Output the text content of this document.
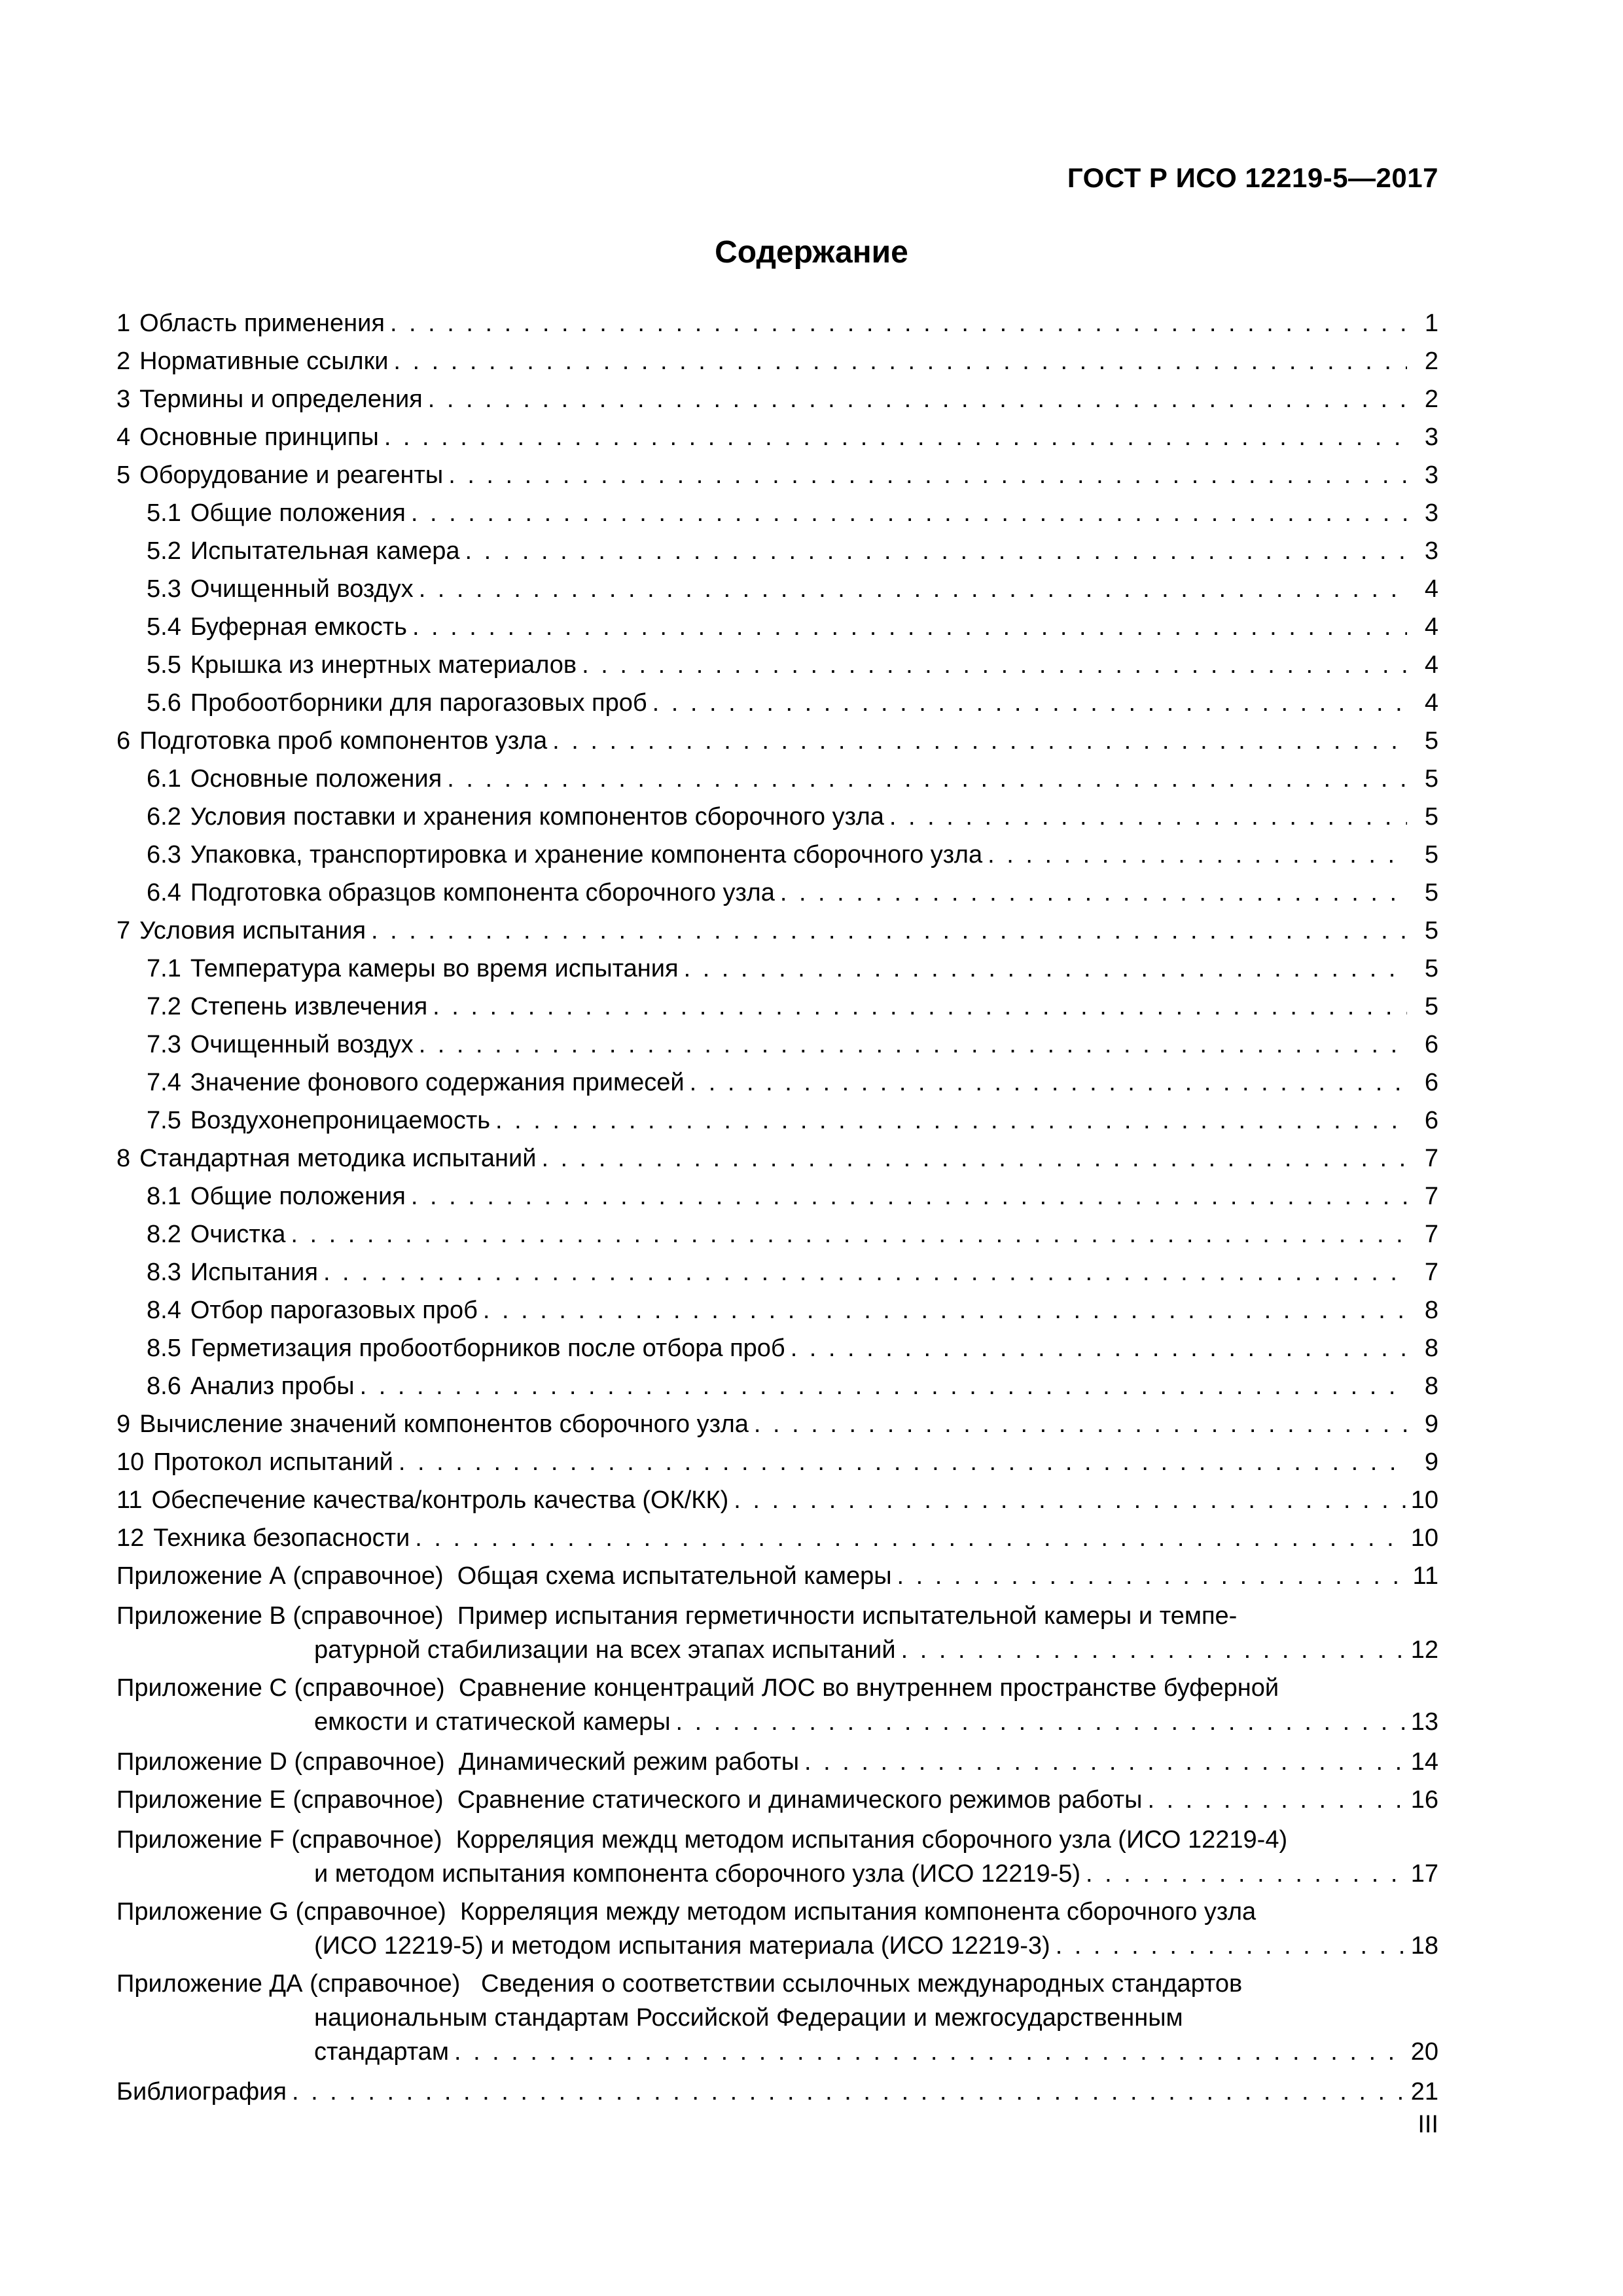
ГОСТ Р ИСО 12219-5—2017
Содержание
1 Область применения . . .	1
2 Нормативные ссылки . . .	2
3 Термины и определения . . .	2
4 Основные принципы . . .	3
5 Оборудование и реагенты . . .	3
5.1 Общие положения . . .	3
5.2 Испытательная камера . . .	3
5.3 Очищенный воздух . . .	4
5.4 Буферная емкость . . .	4
5.5 Крышка из инертных материалов . . .	4
5.6 Пробоотборники для парогазовых проб . . .	4
6 Подготовка проб компонентов узла . . .	5
6.1 Основные положения . . .	5
6.2 Условия поставки и хранения компонентов сборочного узла . . .	5
6.3 Упаковка, транспортировка и хранение компонента сборочного узла . . .	5
6.4 Подготовка образцов компонента сборочного узла . . .	5
7 Условия испытания . . .	5
7.1 Температура камеры во время испытания . . .	5
7.2 Степень извлечения . . .	5
7.3 Очищенный воздух . . .	6
7.4 Значение фонового содержания примесей . . .	6
7.5 Воздухонепроницаемость . . .	6
8 Стандартная методика испытаний . . .	7
8.1 Общие положения . . .	7
8.2 Очистка . . .	7
8.3 Испытания . . .	7
8.4 Отбор парогазовых проб . . .	8
8.5 Герметизация пробоотборников после отбора проб . . .	8
8.6 Анализ пробы . . .	8
9 Вычисление значений компонентов сборочного узла . . .	9
10 Протокол испытаний . . .	9
11 Обеспечение качества/контроль качества (ОК/КК) . . .	10
12 Техника безопасности . . .	10
Приложение А (справочное) Общая схема испытательной камеры . . .	11
Приложение В (справочное) Пример испытания герметичности испытательной камеры и темпе-
ратурной стабилизации на всех этапах испытаний . . .	12
Приложение С (справочное) Сравнение концентраций ЛОС во внутреннем пространстве буферной
емкости и статической камеры . . .	13
Приложение D (справочное) Динамический режим работы . . .	14
Приложение Е (справочное) Сравнение статического и динамического режимов работы . . .	16
Приложение F (справочное) Корреляция междц методом испытания сборочного узла (ИСО 12219-4)
и методом испытания компонента сборочного узла (ИСО 12219-5) . . .	17
Приложение G (справочное) Корреляция между методом испытания компонента сборочного узла
(ИСО 12219-5) и методом испытания материала (ИСО 12219-3) . . .	18
Приложение ДА (справочное) Сведения о соответствии ссылочных международных стандартов
национальным стандартам Российской Федерации и межгосударственным
стандартам . . .	20
Библиография . . .	21
III
